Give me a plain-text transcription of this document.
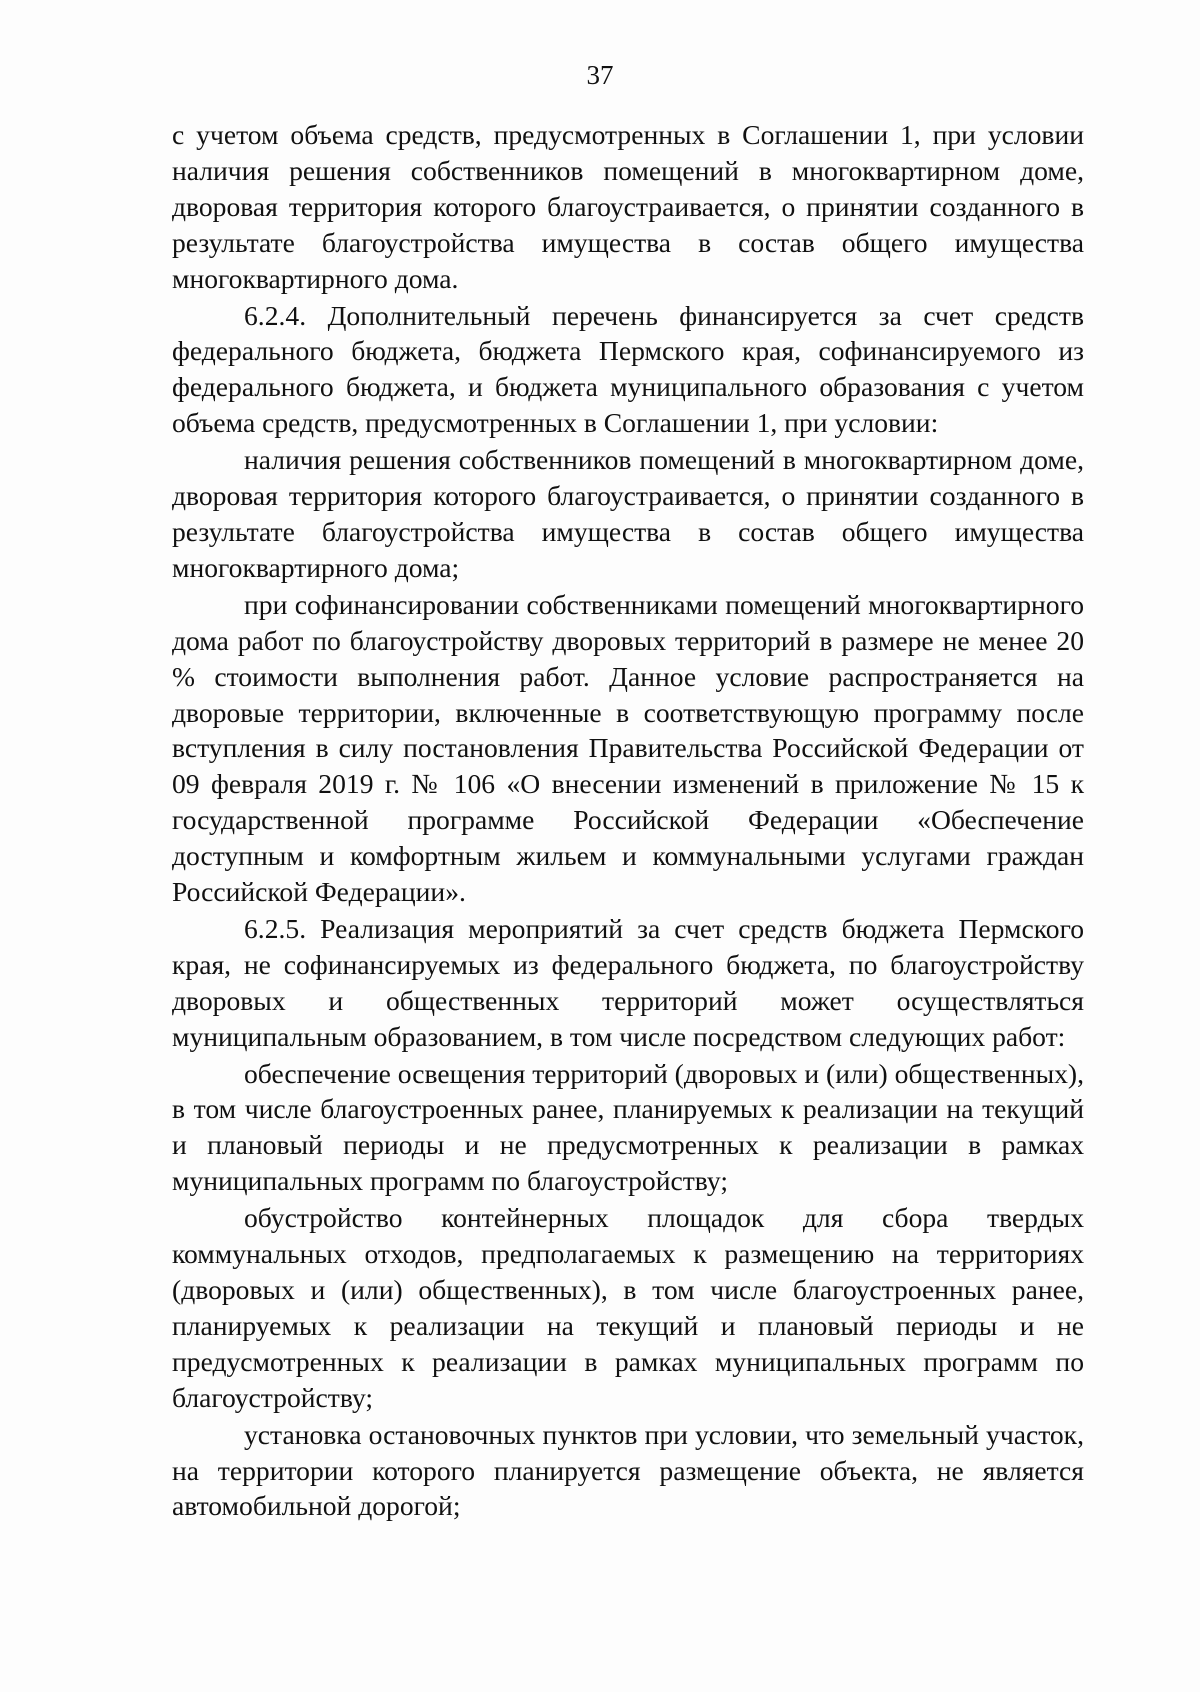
37

с учетом объема средств, предусмотренных в Соглашении 1, при условии наличия решения собственников помещений в многоквартирном доме, дворовая территория которого благоустраивается, о принятии созданного в результате благоустройства имущества в состав общего имущества многоквартирного дома.

6.2.4. Дополнительный перечень финансируется за счет средств федерального бюджета, бюджета Пермского края, софинансируемого из федерального бюджета, и бюджета муниципального образования с учетом объема средств, предусмотренных в Соглашении 1, при условии:

наличия решения собственников помещений в многоквартирном доме, дворовая территория которого благоустраивается, о принятии созданного в результате благоустройства имущества в состав общего имущества многоквартирного дома;

при софинансировании собственниками помещений многоквартирного дома работ по благоустройству дворовых территорий в размере не менее 20 % стоимости выполнения работ. Данное условие распространяется на дворовые территории, включенные в соответствующую программу после вступления в силу постановления Правительства Российской Федерации от 09 февраля 2019 г. № 106 «О внесении изменений в приложение № 15 к государственной программе Российской Федерации «Обеспечение доступным и комфортным жильем и коммунальными услугами граждан Российской Федерации».

6.2.5. Реализация мероприятий за счет средств бюджета Пермского края, не софинансируемых из федерального бюджета, по благоустройству дворовых и общественных территорий может осуществляться муниципальным образованием, в том числе посредством следующих работ:

обеспечение освещения территорий (дворовых и (или) общественных), в том числе благоустроенных ранее, планируемых к реализации на текущий и плановый периоды и не предусмотренных к реализации в рамках муниципальных программ по благоустройству;

обустройство контейнерных площадок для сбора твердых коммунальных отходов, предполагаемых к размещению на территориях (дворовых и (или) общественных), в том числе благоустроенных ранее, планируемых к реализации на текущий и плановый периоды и не предусмотренных к реализации в рамках муниципальных программ по благоустройству;

установка остановочных пунктов при условии, что земельный участок, на территории которого планируется размещение объекта, не является автомобильной дорогой;
